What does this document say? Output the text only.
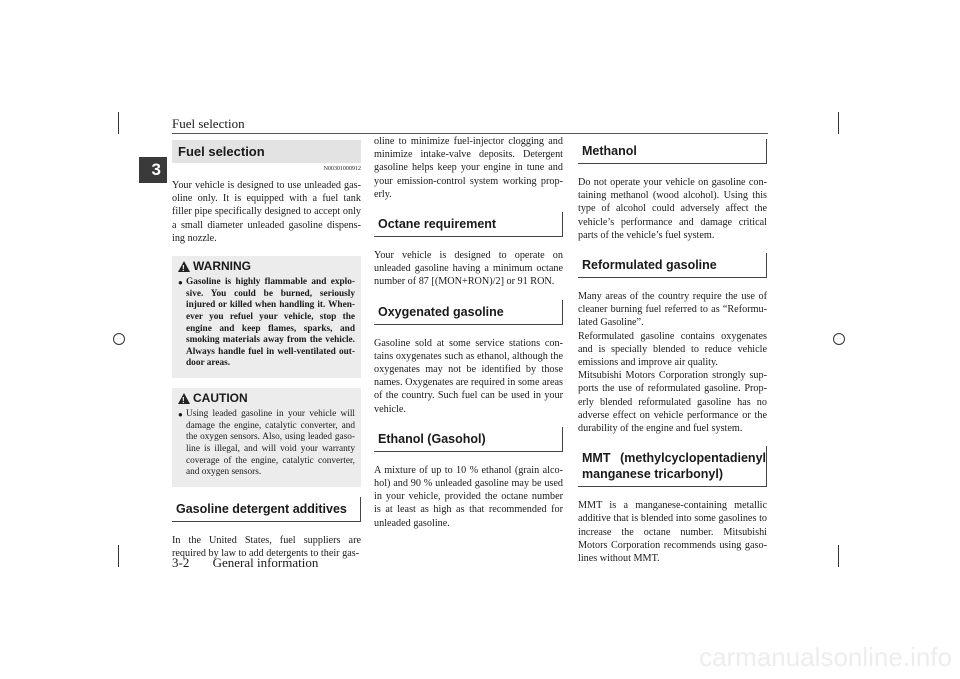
Fuel selection
3
Fuel selection
N00301000912

Your vehicle is designed to use unleaded gas-oline only. It is equipped with a fuel tank filler pipe specifically designed to accept only a small diameter unleaded gasoline dispens-ing nozzle.

!
WARNING
● Gasoline is highly flammable and explo-sive. You could be burned, seriously injured or killed when handling it. When-ever you refuel your vehicle, stop the engine and keep flames, sparks, and smoking materials away from the vehicle. Always handle fuel in well-ventilated out-door areas.
!
CAUTION
● Using leaded gasoline in your vehicle will damage the engine, catalytic converter, and the oxygen sensors. Also, using leaded gaso-line is illegal, and will void your warranty coverage of the engine, catalytic converter, and oxygen sensors.
Gasoline detergent additives

In the United States, fuel suppliers are required by law to add detergents to their gas-

oline to minimize fuel-injector clogging and minimize intake-valve deposits. Detergent gasoline helps keep your engine in tune and your emission-control system working prop-erly.

Octane requirement

Your vehicle is designed to operate on unleaded gasoline having a minimum octane number of 87 [(MON+RON)/2] or 91 RON.

Oxygenated gasoline

Gasoline sold at some service stations con-tains oxygenates such as ethanol, although the oxygenates may not be identified by those names. Oxygenates are required in some areas of the country. Such fuel can be used in your vehicle.

Ethanol (Gasohol)

A mixture of up to 10 % ethanol (grain alco-hol) and 90 % unleaded gasoline may be used in your vehicle, provided the octane number is at least as high as that recommended for unleaded gasoline.

Methanol

Do not operate your vehicle on gasoline con-taining methanol (wood alcohol). Using this type of alcohol could adversely affect the vehicle’s performance and damage critical parts of the vehicle’s fuel system.

Reformulated gasoline

Many areas of the country require the use of cleaner burning fuel referred to as “Reformu-lated Gasoline”.

Reformulated gasoline contains oxygenates and is specially blended to reduce vehicle emissions and improve air quality.

Mitsubishi Motors Corporation strongly sup-ports the use of reformulated gasoline. Prop-erly blended reformulated gasoline has no adverse effect on vehicle performance or the durability of the engine and fuel system.

MMT (methylcyclopentadienyl manganese tricarbonyl)

MMT is a manganese-containing metallic additive that is blended into some gasolines to increase the octane number. Mitsubishi Motors Corporation recommends using gaso-lines without MMT.

3-2 General information
carmanualsonline.info
